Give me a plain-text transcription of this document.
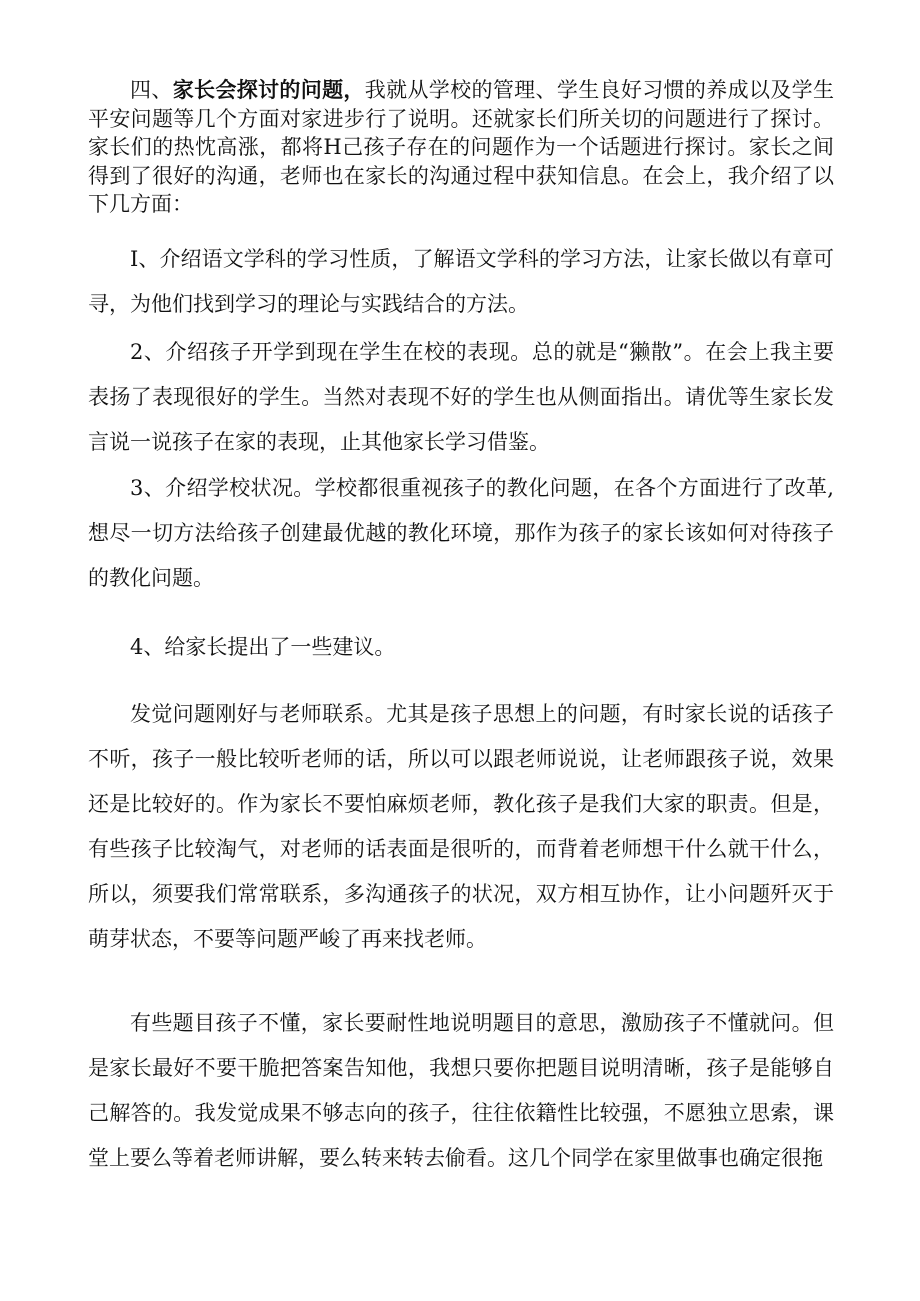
四、家长会探讨的问题，我就从学校的管理、学生良好习惯的养成以及学生平安问题等几个方面对家进步行了说明。还就家长们所关切的问题进行了探讨。家长们的热忱高涨，都将H己孩子存在的问题作为一个话题进行探讨。家长之间得到了很好的沟通，老师也在家长的沟通过程中获知信息。在会上，我介绍了以下几方面：

I、介绍语文学科的学习性质，了解语文学科的学习方法，让家长做以有章可寻，为他们找到学习的理论与实践结合的方法。

2、介绍孩子开学到现在学生在校的表现。总的就是“獭散”。在会上我主要表扬了表现很好的学生。当然对表现不好的学生也从侧面指出。请优等生家长发言说一说孩子在家的表现，止其他家长学习借鉴。

3、介绍学校状况。学校都很重视孩子的教化问题，在各个方面进行了改革,想尽一切方法给孩子创建最优越的教化环境，那作为孩子的家长该如何对待孩子的教化问题。

4、给家长提出了一些建议。

发觉问题刚好与老师联系。尤其是孩子思想上的问题，有时家长说的话孩子不听，孩子一般比较听老师的话，所以可以跟老师说说，让老师跟孩子说，效果还是比较好的。作为家长不要怕麻烦老师，教化孩子是我们大家的职责。但是，有些孩子比较淘气，对老师的话表面是很听的，而背着老师想干什么就干什么，所以，须要我们常常联系，多沟通孩子的状况，双方相互协作，让小问题歼灭于萌芽状态，不要等问题严峻了再来找老师。

有些题目孩子不懂，家长要耐性地说明题目的意思，激励孩子不懂就问。但是家长最好不要干脆把答案告知他，我想只要你把题目说明清晰，孩子是能够自己解答的。我发觉成果不够志向的孩子，往往依籍性比较强，不愿独立思索，课堂上要么等着老师讲解，要么转来转去偷看。这几个同学在家里做事也确定很拖
